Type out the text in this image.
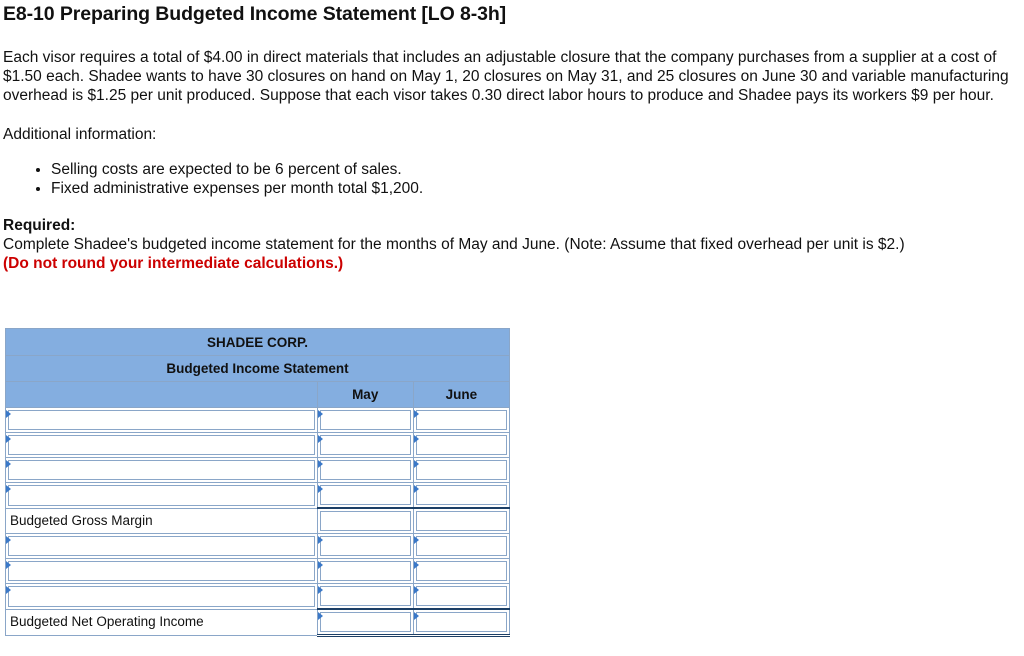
E8-10 Preparing Budgeted Income Statement [LO 8-3h]
Each visor requires a total of $4.00 in direct materials that includes an adjustable closure that the company purchases from a supplier at a cost of $1.50 each. Shadee wants to have 30 closures on hand on May 1, 20 closures on May 31, and 25 closures on June 30 and variable manufacturing overhead is $1.25 per unit produced. Suppose that each visor takes 0.30 direct labor hours to produce and Shadee pays its workers $9 per hour.
Additional information:
• Selling costs are expected to be 6 percent of sales.
• Fixed administrative expenses per month total $1,200.
Required:
Complete Shadee's budgeted income statement for the months of May and June. (Note: Assume that fixed overhead per unit is $2.)
(Do not round your intermediate calculations.)
SHADEE CORP.		
Budgeted Income Statement		
	May	June

Budgeted Gross Margin		

Budgeted Net Operating Income		
